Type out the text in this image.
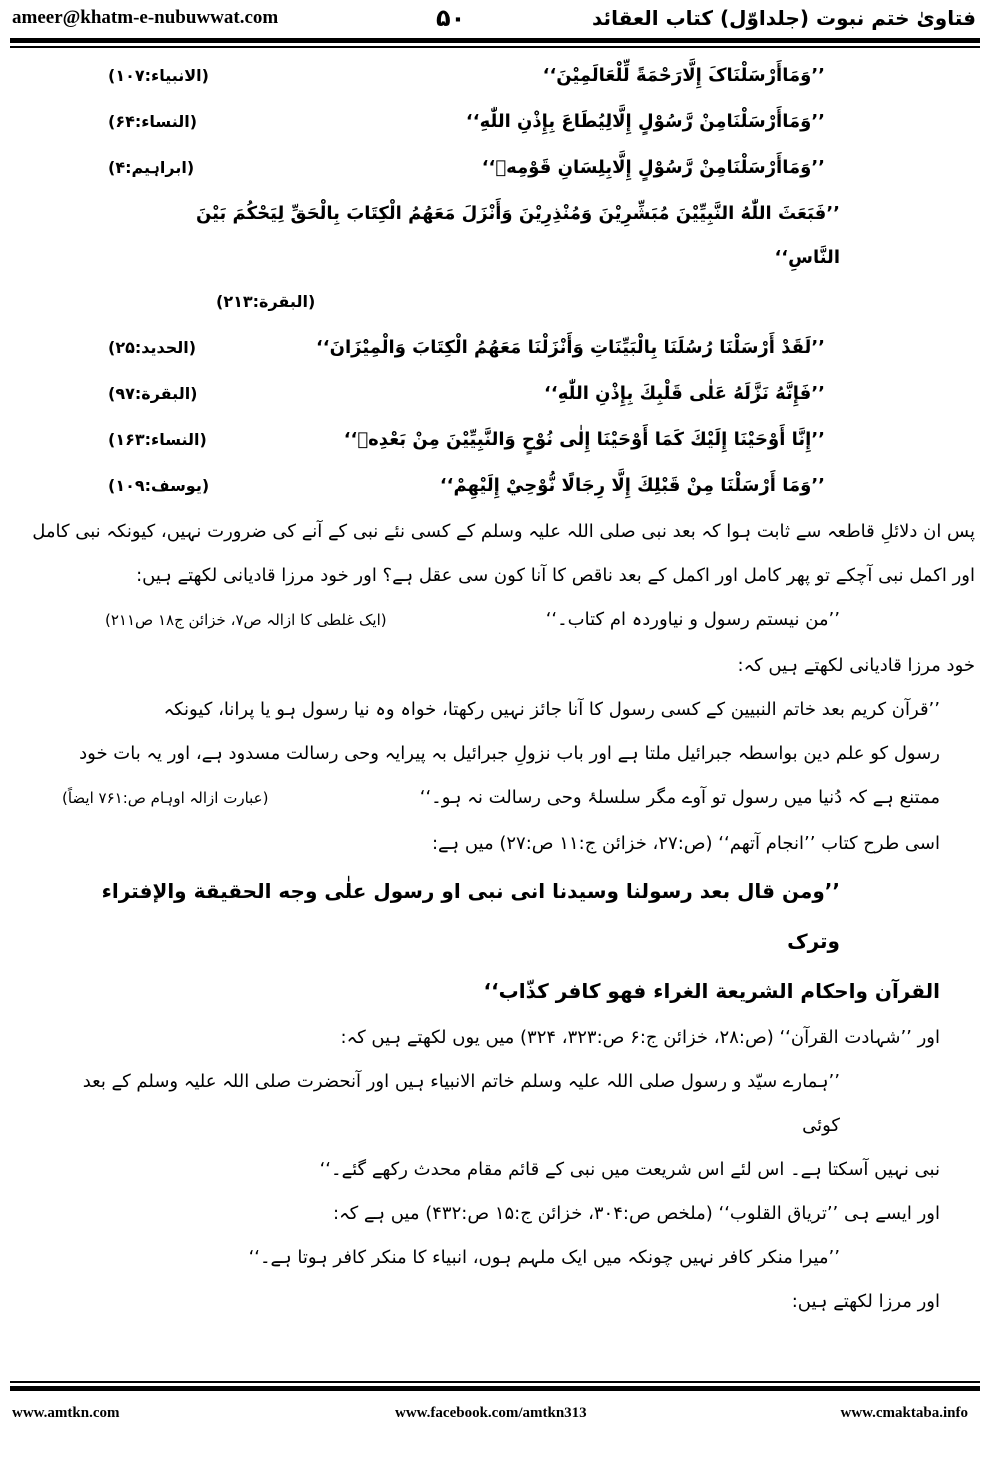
ameer@khatm-e-nubuwwat.com	۵۰	فتاویٰ ختم نبوت (جلداوّل) کتاب العقائد
’’وَمَاأَرْسَلْنَاکَ إِلَّارَحْمَةً لِّلْعَالَمِيْنَ‘‘
(الانبیاء:۱۰۷)
’’وَمَاأَرْسَلْنَامِنْ رَّسُوْلٍ إِلَّالِيُطَاعَ بِإِذْنِ اللّٰهِ‘‘
(النساء:۶۴)
’’وَمَاأَرْسَلْنَامِنْ رَّسُوْلٍ إِلَّابِلِسَانِ قَوْمِهٖ‘‘
(ابراہیم:۴)
’’فَبَعَثَ اللّٰهُ النَّبِيِّيْنَ مُبَشِّرِيْنَ وَمُنْذِرِيْنَ وَأَنْزَلَ مَعَهُمُ الْكِتَابَ بِالْحَقِّ لِيَحْكُمَ بَيْنَ النَّاسِ‘‘
(البقرة:۲۱۳)
’’لَقَدْ أَرْسَلْنَا رُسُلَنَا بِالْبَيِّنَاتِ وَأَنْزَلْنَا مَعَهُمُ الْكِتَابَ وَالْمِيْزَانَ‘‘
(الحدید:۲۵)
’’فَإِنَّهُ نَزَّلَهُ عَلٰى قَلْبِكَ بِإِذْنِ اللّٰهِ‘‘
(البقرة:۹۷)
’’إِنَّا أَوْحَيْنَا إِلَيْكَ كَمَا أَوْحَيْنَا إِلٰى نُوْحٍ وَالنَّبِيِّيْنَ مِنْ بَعْدِهٖ‘‘
(النساء:۱۶۳)
’’وَمَا أَرْسَلْنَا مِنْ قَبْلِكَ إِلَّا رِجَالًا نُّوْحِيْ إِلَيْهِمْ‘‘
(یوسف:۱۰۹)
پس ان دلائلِ قاطعہ سے ثابت ہوا کہ بعد نبی صلی اللہ علیہ وسلم کے کسی نئے نبی کے آنے کی ضرورت نہیں، کیونکہ نبی کامل
اور اکمل نبی آچکے تو پھر کامل اور اکمل کے بعد ناقص کا آنا کون سی عقل ہے؟ اور خود مرزا قادیانی لکھتے ہیں:
’’من نیستم رسول و نیاوردہ ام کتاب۔‘‘
(ایک غلطی کا ازالہ ص۷، خزائن ج۱۸ ص۲۱۱)
خود مرزا قادیانی لکھتے ہیں کہ:
’’قرآن کریم بعد خاتم النبیین کے کسی رسول کا آنا جائز نہیں رکھتا، خواہ وہ نیا رسول ہو یا پرانا، کیونکہ
رسول کو علم دین بواسطہ جبرائیل ملتا ہے اور باب نزولِ جبرائیل بہ پیرایہ وحی رسالت مسدود ہے، اور یہ بات خود
ممتنع ہے کہ دُنیا میں رسول تو آوے مگر سلسلۂ وحی رسالت نہ ہو۔‘‘
(عبارت ازالہ اوہام ص:۷۶۱ ایضاً)
اسی طرح کتاب ’’انجام آتھم‘‘ (ص:۲۷، خزائن ج:۱۱ ص:۲۷) میں ہے:
’’ومن قال بعد رسولنا وسیدنا انی نبی او رسول علٰی وجه الحقیقة والإفتراء وترک
القرآن واحکام الشریعة الغراء فهو کافر کذّاب‘‘
اور ’’شہادت القرآن‘‘ (ص:۲۸، خزائن ج:۶ ص:۳۲۳، ۳۲۴) میں یوں لکھتے ہیں کہ:
’’ہمارے سیّد و رسول صلی اللہ علیہ وسلم خاتم الانبیاء ہیں اور آنحضرت صلی اللہ علیہ وسلم کے بعد کوئی
نبی نہیں آسکتا ہے۔ اس لئے اس شریعت میں نبی کے قائم مقام محدث رکھے گئے۔‘‘
اور ایسے ہی ’’تریاق القلوب‘‘ (ملخص ص:۳۰۴، خزائن ج:۱۵ ص:۴۳۲) میں ہے کہ:
’’میرا منکر کافر نہیں چونکہ میں ایک ملہم ہوں، انبیاء کا منکر کافر ہوتا ہے۔‘‘
اور مرزا لکھتے ہیں:
www.amtkn.com	www.facebook.com/amtkn313	www.cmaktaba.info
